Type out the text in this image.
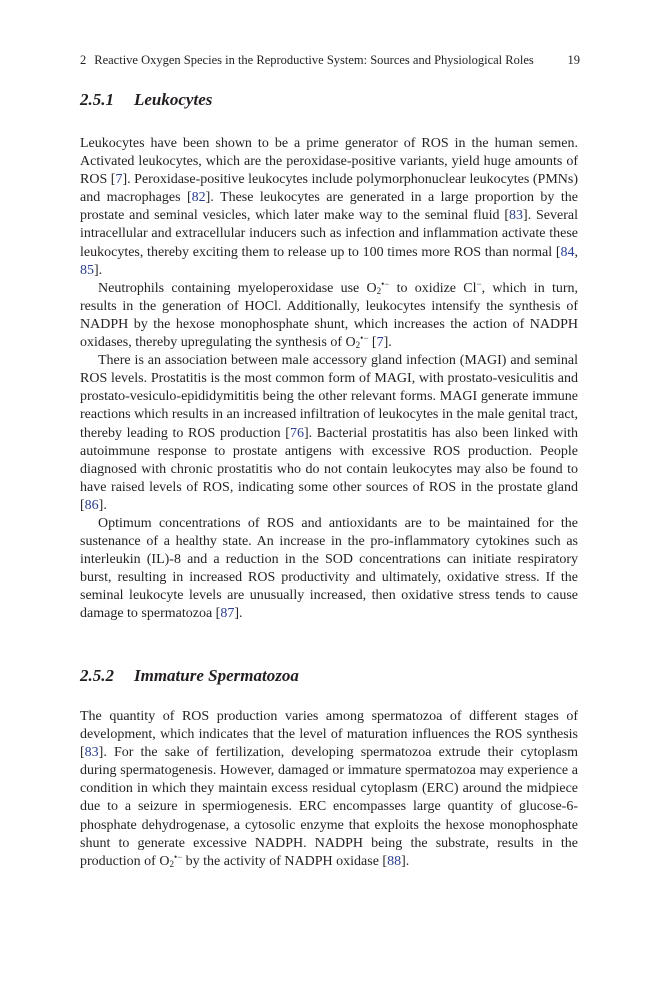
2 Reactive Oxygen Species in the Reproductive System: Sources and Physiological Roles	19
2.5.1 Leukocytes

Leukocytes have been shown to be a prime generator of ROS in the human semen. Activated leukocytes, which are the peroxidase-positive variants, yield huge amounts of ROS [7]. Peroxidase-positive leukocytes include polymorphonuclear leukocytes (PMNs) and macrophages [82]. These leukocytes are generated in a large proportion by the prostate and seminal vesicles, which later make way to the seminal fluid [83]. Several intracellular and extracellular inducers such as infection and inflammation activate these leukocytes, thereby exciting them to release up to 100 times more ROS than normal [84, 85].

Neutrophils containing myeloperoxidase use $O_2^{•-}$ to oxidize Cl−, which in turn, results in the generation of HOCl. Additionally, leukocytes intensify the synthesis of NADPH by the hexose monophosphate shunt, which increases the action of NADPH oxidases, thereby upregulating the synthesis of $O_2^{•-}$ [7].

There is an association between male accessory gland infection (MAGI) and seminal ROS levels. Prostatitis is the most common form of MAGI, with prostato-vesiculitis and prostato-vesiculo-epididymititis being the other relevant forms. MAGI generate immune reactions which results in an increased infiltration of leukocytes in the male genital tract, thereby leading to ROS production [76]. Bacterial prostatitis has also been linked with autoimmune response to prostate antigens with excessive ROS production. People diagnosed with chronic prostatitis who do not contain leukocytes may also be found to have raised levels of ROS, indicating some other sources of ROS in the prostate gland [86].

Optimum concentrations of ROS and antioxidants are to be maintained for the sustenance of a healthy state. An increase in the pro-inflammatory cytokines such as interleukin (IL)-8 and a reduction in the SOD concentrations can initiate respiratory burst, resulting in increased ROS productivity and ultimately, oxidative stress. If the seminal leukocyte levels are unusually increased, then oxidative stress tends to cause damage to spermatozoa [87].

2.5.2 Immature Spermatozoa

The quantity of ROS production varies among spermatozoa of different stages of development, which indicates that the level of maturation influences the ROS synthesis [83]. For the sake of fertilization, developing spermatozoa extrude their cytoplasm during spermatogenesis. However, damaged or immature spermatozoa may experience a condition in which they maintain excess residual cytoplasm (ERC) around the midpiece due to a seizure in spermiogenesis. ERC encompasses large quantity of glucose-6-phosphate dehydrogenase, a cytosolic enzyme that exploits the hexose monophosphate shunt to generate excessive NADPH. NADPH being the substrate, results in the production of $O_2^{•-}$ by the activity of NADPH oxidase [88].
